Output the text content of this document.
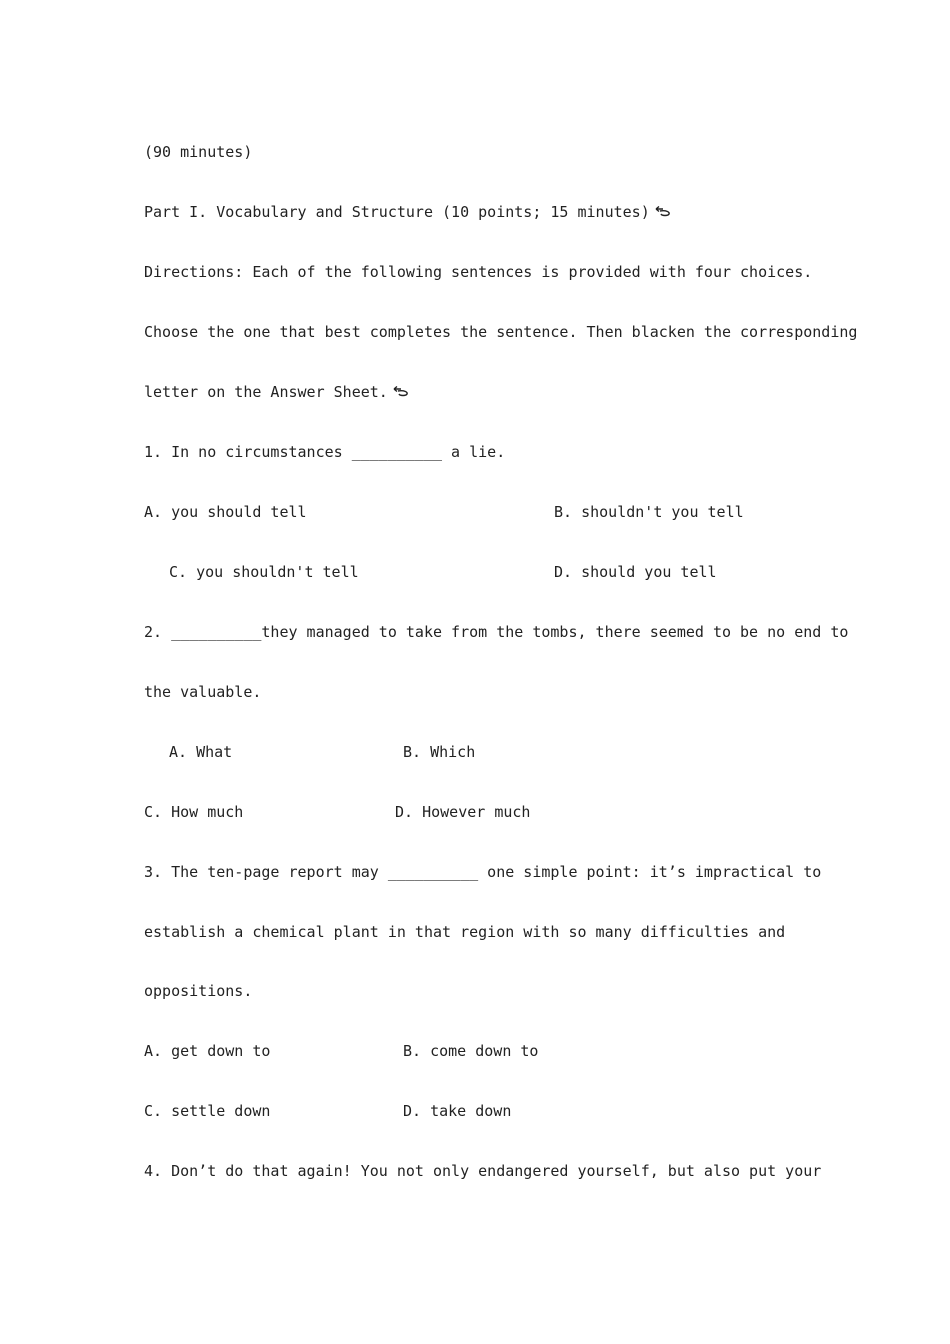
(90 minutes)
Part I. Vocabulary and Structure (10 points; 15 minutes)
Directions: Each of the following sentences is provided with four choices.
Choose the one that best completes the sentence. Then blacken the corresponding
letter on the Answer Sheet.
1. In no circumstances __________ a lie.
A. you should tell	B. shouldn't you tell
C. you shouldn't tell	D. should you tell
2. __________they managed to take from the tombs, there seemed to be no end to
the valuable.
A. What	B. Which
C. How much	D. However much
3. The ten-page report may __________ one simple point: it’s impractical to
establish a chemical plant in that region with so many difficulties and
oppositions.
A. get down to	B. come down to
C. settle down	D. take down
4. Don’t do that again! You not only endangered yourself, but also put your
